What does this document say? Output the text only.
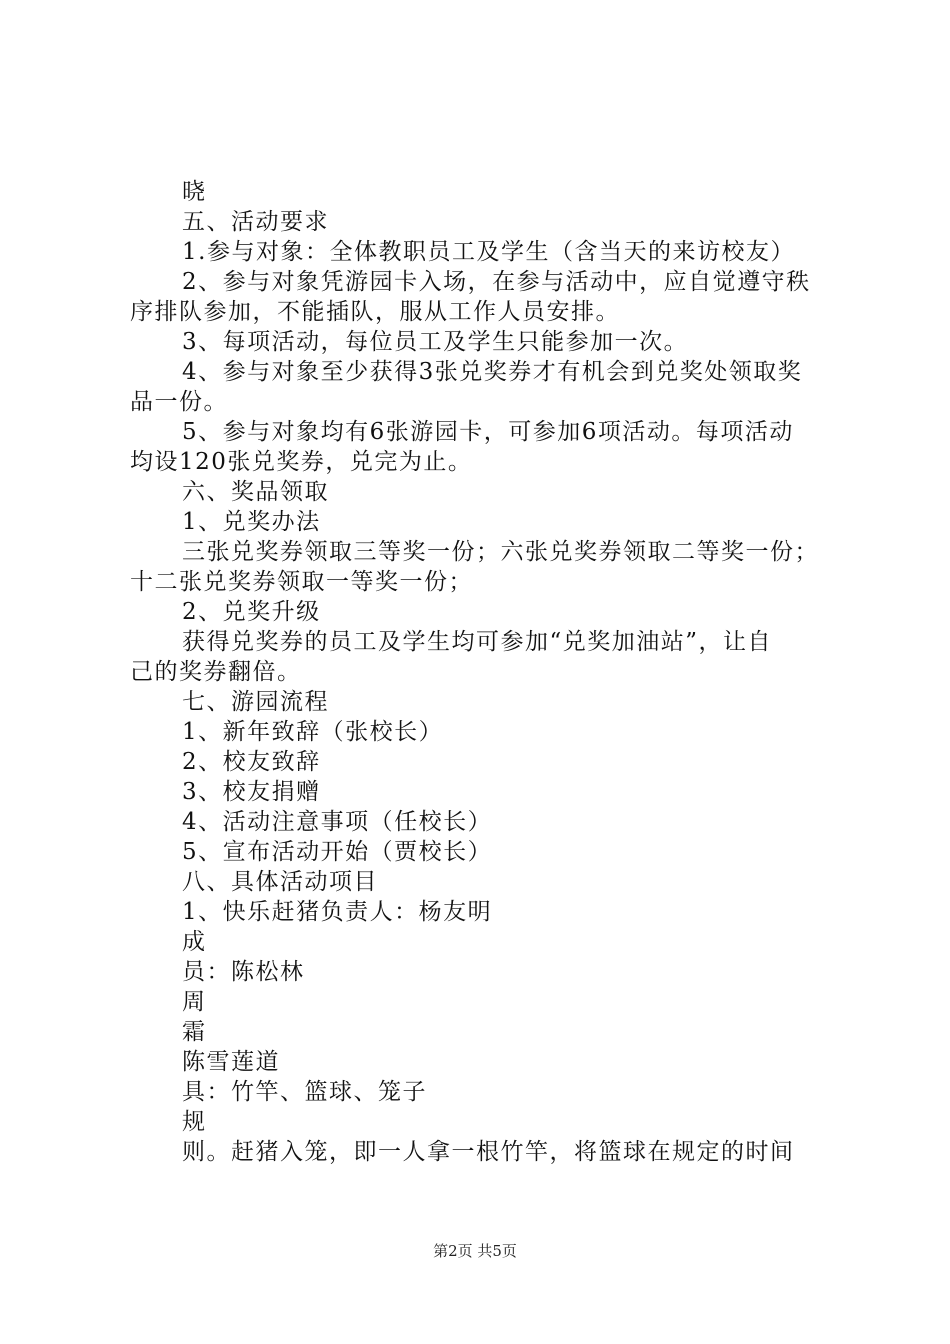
晓
五、活动要求
1.参与对象：全体教职员工及学生（含当天的来访校友）
2、参与对象凭游园卡入场，在参与活动中，应自觉遵守秩
序排队参加，不能插队，服从工作人员安排。
3、每项活动，每位员工及学生只能参加一次。
4、参与对象至少获得3张兑奖券才有机会到兑奖处领取奖
品一份。
5、参与对象均有6张游园卡，可参加6项活动。每项活动
均设120张兑奖券，兑完为止。
六、奖品领取
1、兑奖办法
三张兑奖券领取三等奖一份；六张兑奖券领取二等奖一份；
十二张兑奖券领取一等奖一份；
2、兑奖升级
获得兑奖券的员工及学生均可参加“兑奖加油站”，让自
己的奖券翻倍。
七、游园流程
1、新年致辞（张校长）
2、校友致辞
3、校友捐赠
4、活动注意事项（任校长）
5、宣布活动开始（贾校长）
八、具体活动项目
1、快乐赶猪负责人：杨友明
成
员：陈松林
周
霜
陈雪莲道
具：竹竿、篮球、笼子
规
则。赶猪入笼，即一人拿一根竹竿，将篮球在规定的时间
第2页 共5页
